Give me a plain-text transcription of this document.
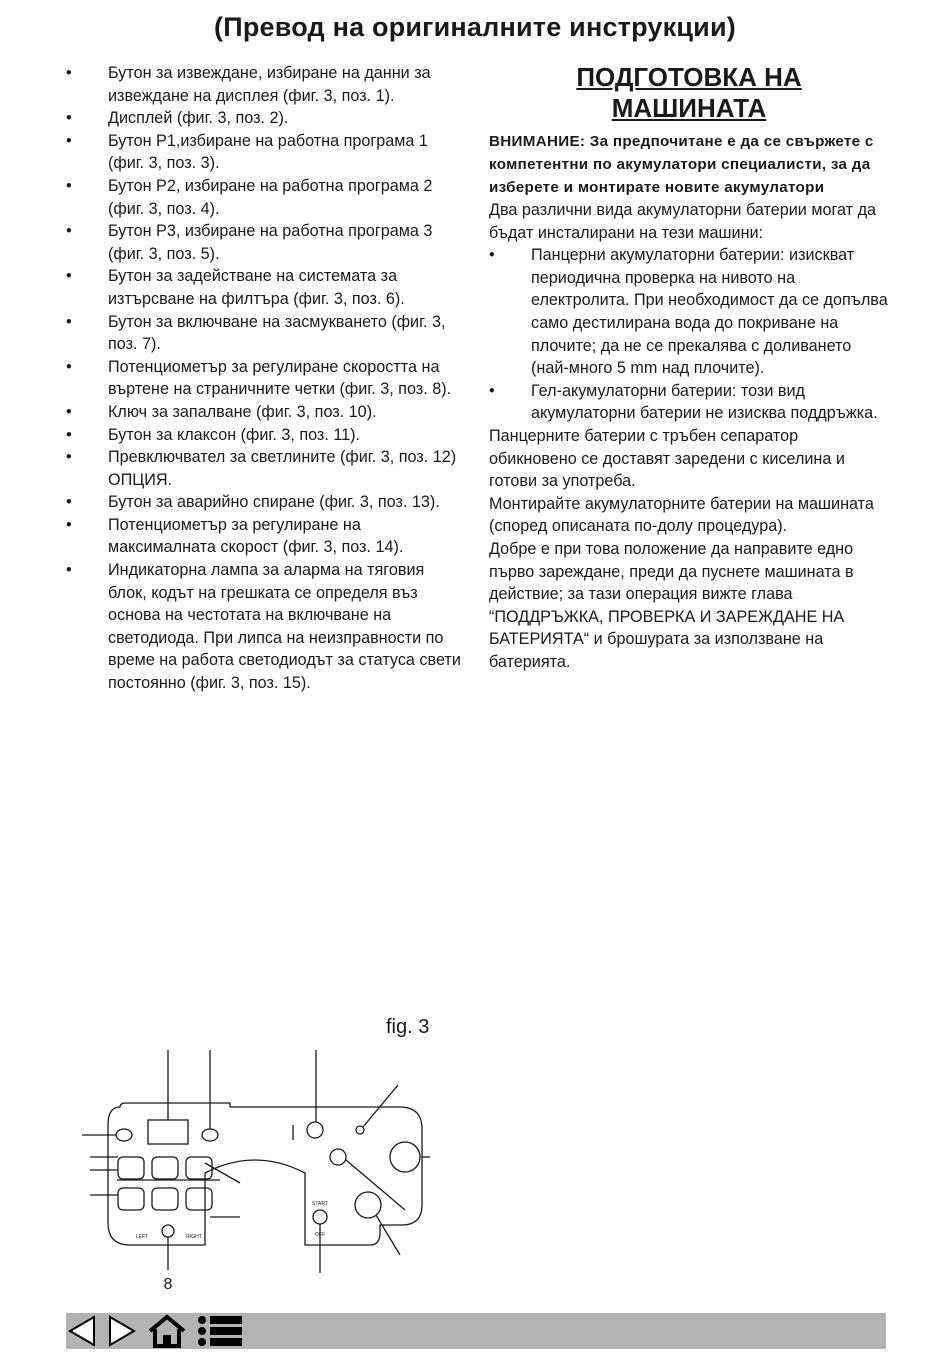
(Превод на оригиналните инструкции)
• Бутон за извеждане, избиране на данни за извеждане на дисплея (фиг. 3, поз. 1).
• Дисплей (фиг. 3, поз. 2).
• Бутон P1,избиране на работна програма 1 (фиг. 3, поз. 3).
• Бутон P2, избиране на работна програма 2 (фиг. 3, поз. 4).
• Бутон P3, избиране на работна програма 3 (фиг. 3, поз. 5).
• Бутон за задействане на системата за изтърсване на филтъра (фиг. 3, поз. 6).
• Бутон за включване на засмукването (фиг. 3, поз. 7).
• Потенциометър за регулиране скоростта на въртене на страничните четки (фиг. 3, поз. 8).
• Ключ за запалване (фиг. 3, поз. 10).
• Бутон за клаксон (фиг. 3, поз. 11).
• Превключвател за светлините (фиг. 3, поз. 12) ОПЦИЯ.
• Бутон за аварийно спиране (фиг. 3, поз. 13).
• Потенциометър за регулиране на максималната скорост (фиг. 3, поз. 14).
• Индикаторна лампа за аларма на тяговия блок, кодът на грешката се определя въз основа на честотата на включване на светодиода. При липса на неизправности по време на работа светодиодът за статуса свети постоянно (фиг. 3, поз. 15).
ПОДГОТОВКА НА МАШИНАТА
ВНИМАНИЕ: За предпочитане е да се свържете с компетентни по акумулатори специалисти, за да изберете и монтирате новите акумулатори

Два различни вида акумулаторни батерии могат да бъдат инсталирани на тези машини:

• Панцерни акумулаторни батерии: изискват периодична проверка на нивото на електролита. При необходимост да се допълва само дестилирана вода до покриване на плочите; да не се прекалява с доливането (най-много 5 mm над плочите).
• Гел-акумулаторни батерии: този вид акумулаторни батерии не изисква поддръжка.

Панцерните батерии с тръбен сепаратор обикновено се доставят заредени с киселина и готови за употреба.

Монтирайте акумулаторните батерии на машината (според описаната по-долу процедура).

Добре е при това положение да направите едно първо зареждане, преди да пуснете машината в действие; за тази операция вижте глава “ПОДДРЪЖКА, ПРОВЕРКА И ЗАРЕЖДАНЕ НА БАТЕРИЯТА“ и брошурата за използване на батерията.

fig. 3
LEFT	RIGHT
START
OFF
8
